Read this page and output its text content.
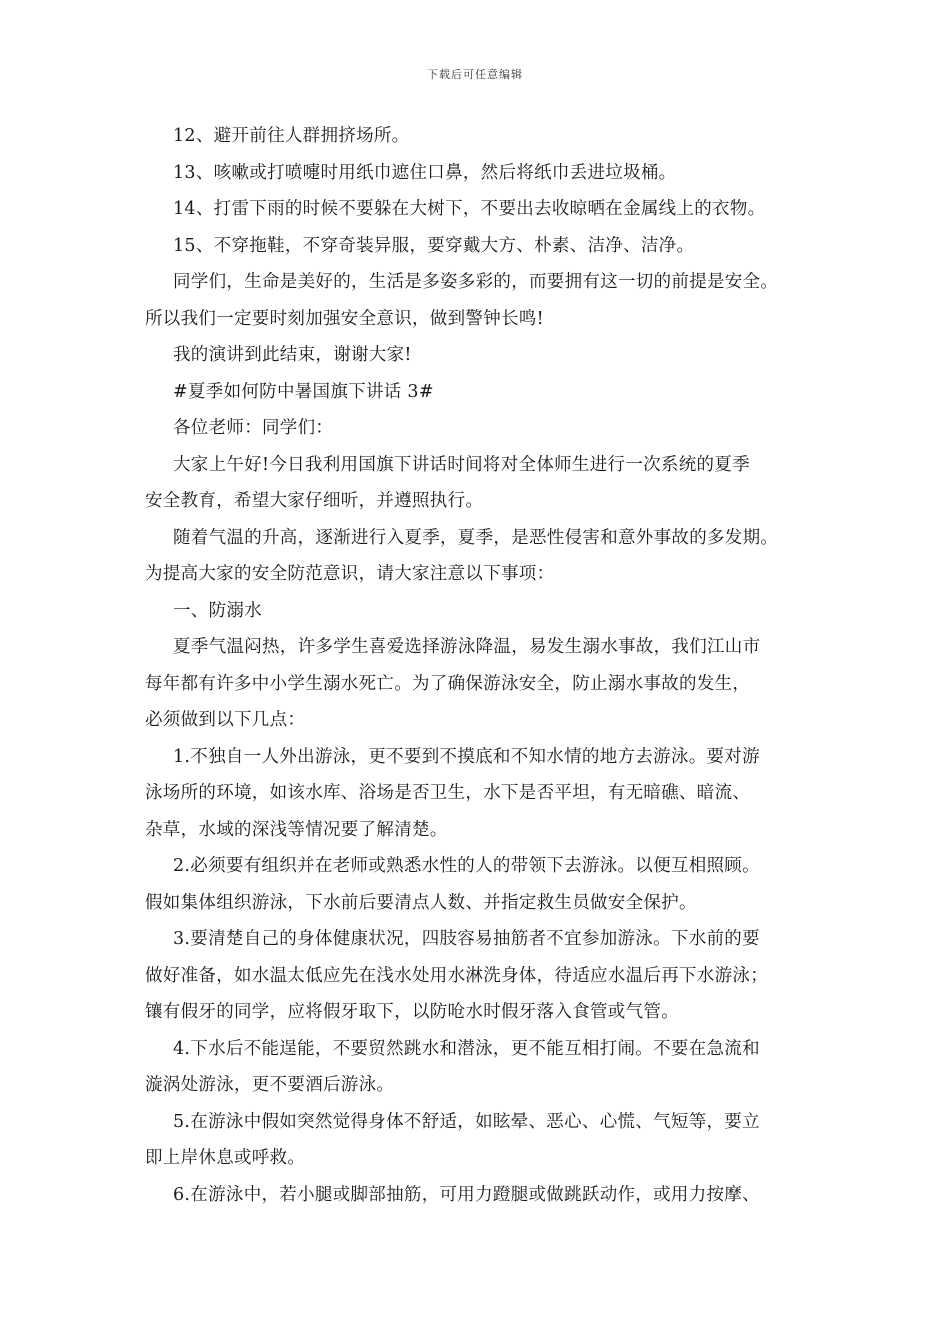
下载后可任意编辑
12、避开前往人群拥挤场所。
13、咳嗽或打喷嚏时用纸巾遮住口鼻，然后将纸巾丢进垃圾桶。
14、打雷下雨的时候不要躲在大树下，不要出去收晾晒在金属线上的衣物。
15、不穿拖鞋，不穿奇装异服，要穿戴大方、朴素、洁净、洁净。
同学们，生命是美好的，生活是多姿多彩的，而要拥有这一切的前提是安全。
所以我们一定要时刻加强安全意识，做到警钟长鸣!
我的演讲到此结束，谢谢大家!
#夏季如何防中暑国旗下讲话 3#
各位老师：同学们：
大家上午好!今日我利用国旗下讲话时间将对全体师生进行一次系统的夏季
安全教育，希望大家仔细听，并遵照执行。
随着气温的升高，逐渐进行入夏季，夏季，是恶性侵害和意外事故的多发期。
为提高大家的安全防范意识，请大家注意以下事项：
一、防溺水
夏季气温闷热，许多学生喜爱选择游泳降温，易发生溺水事故，我们江山市
每年都有许多中小学生溺水死亡。为了确保游泳安全，防止溺水事故的发生，
必须做到以下几点：
1.不独自一人外出游泳，更不要到不摸底和不知水情的地方去游泳。要对游
泳场所的环境，如该水库、浴场是否卫生，水下是否平坦，有无暗礁、暗流、
杂草，水域的深浅等情况要了解清楚。
2.必须要有组织并在老师或熟悉水性的人的带领下去游泳。以便互相照顾。
假如集体组织游泳，下水前后要清点人数、并指定救生员做安全保护。
3.要清楚自己的身体健康状况，四肢容易抽筋者不宜参加游泳。下水前的要
做好准备，如水温太低应先在浅水处用水淋洗身体，待适应水温后再下水游泳；
镶有假牙的同学，应将假牙取下，以防呛水时假牙落入食管或气管。
4.下水后不能逞能，不要贸然跳水和潜泳，更不能互相打闹。不要在急流和
漩涡处游泳，更不要酒后游泳。
5.在游泳中假如突然觉得身体不舒适，如眩晕、恶心、心慌、气短等，要立
即上岸休息或呼救。
6.在游泳中，若小腿或脚部抽筋，可用力蹬腿或做跳跃动作，或用力按摩、
